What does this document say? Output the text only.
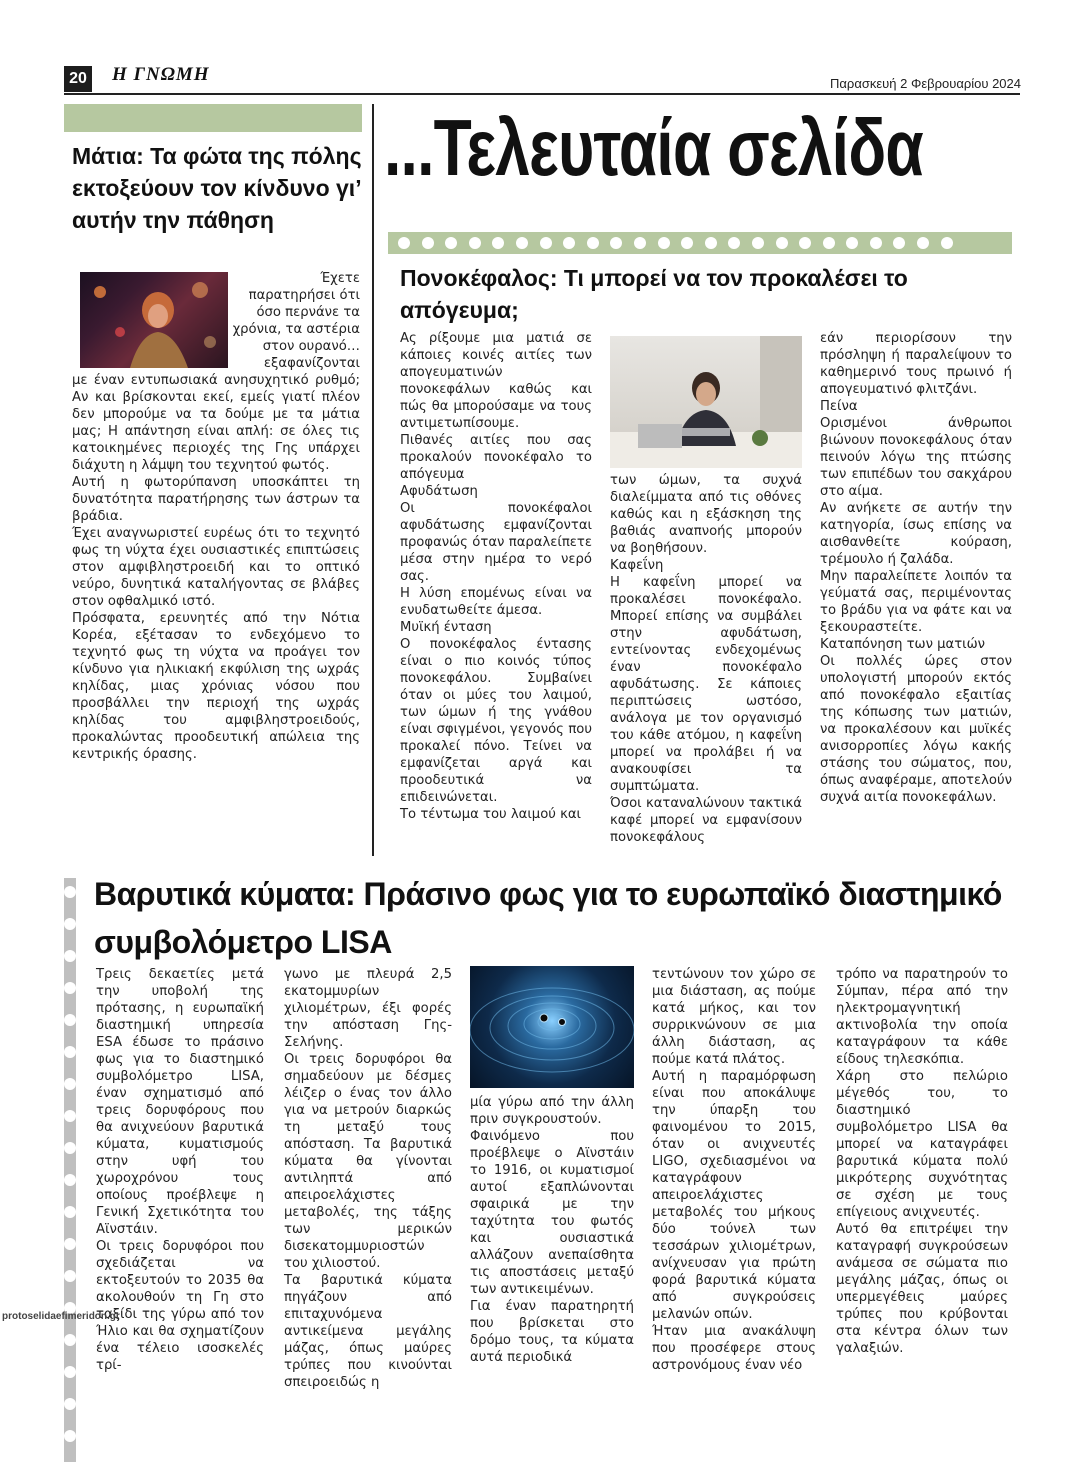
20 Η ΓΝΩΜΗ	Παρασκευή 2 Φεβρουαρίου 2024
...Τελευταία σελίδα
Μάτια: Τα φώτα της πόλης εκτοξεύουν τον κίνδυνο γι’ αυτήν την πάθηση
Έχετε παρατηρήσει ότι όσο περνάνε τα χρόνια, τα αστέρια στον ουρανό… εξαφανίζονται

με έναν εντυπωσιακά ανησυχητικό ρυθμό; Αν και βρίσκονται εκεί, εμείς γιατί πλέον δεν μπορούμε να τα δούμε με τα μάτια μας; Η απάντηση είναι απλή: σε όλες τις κατοικημένες περιοχές της Γης υπάρχει διάχυτη η λάμψη του τεχνητού φωτός.

Αυτή η φωτορύπανση υποσκάπτει τη δυνατότητα παρατήρησης των άστρων τα βράδια.

Έχει αναγνωριστεί ευρέως ότι το τεχνητό φως τη νύχτα έχει ουσιαστικές επιπτώσεις στον αμφιβληστροειδή και το οπτικό νεύρο, δυνητικά καταλήγοντας σε βλάβες στον οφθαλμικό ιστό.

Πρόσφατα, ερευνητές από την Νότια Κορέα, εξέτασαν το ενδεχόμενο το τεχνητό φως τη νύχτα να προάγει τον κίνδυνο για ηλικιακή εκφύλιση της ωχράς κηλίδας, μιας χρόνιας νόσου που προσβάλλει την περιοχή της ωχράς κηλίδας του αμφιβληστροειδούς, προκαλώντας προοδευτική απώλεια της κεντρικής όρασης.

Πονοκέφαλος: Τι μπορεί να τον προκαλέσει το απόγευμα;

Ας ρίξουμε μια ματιά σε κάποιες κοινές αιτίες των απογευματινών πονοκεφάλων καθώς και πώς θα μπορούσαμε να τους αντιμετωπίσουμε.

Πιθανές αιτίες που σας προκαλούν πονοκέφαλο το απόγευμα

Αφυδάτωση

Οι πονοκέφαλοι αφυδάτωσης εμφανίζονται προφανώς όταν παραλείπετε μέσα στην ημέρα το νερό σας.

Η λύση επομένως είναι να ενυδατωθείτε άμεσα.

Μυϊκή ένταση

Ο πονοκέφαλος έντασης είναι ο πιο κοινός τύπος πονοκεφάλου. Συμβαίνει όταν οι μύες του λαιμού, των ώμων ή της γνάθου είναι σφιγμένοι, γεγονός που προκαλεί πόνο. Τείνει να εμφανίζεται αργά και προοδευτικά να επιδεινώνεται.

Το τέντωμα του λαιμού και

των ώμων, τα συχνά διαλείμματα από τις οθόνες καθώς και η εξάσκηση της βαθιάς αναπνοής μπορούν να βοηθήσουν.

Καφεΐνη

Η καφεΐνη μπορεί να προκαλέσει πονοκέφαλο. Μπορεί επίσης να συμβάλει στην αφυδάτωση, εντείνοντας ενδεχομένως έναν πονοκέφαλο αφυδάτωσης. Σε κάποιες περιπτώσεις ωστόσο, ανάλογα με τον οργανισμό του κάθε ατόμου, η καφεΐνη μπορεί να προλάβει ή να ανακουφίσει τα συμπτώματα.

Όσοι καταναλώνουν τακτικά καφέ μπορεί να εμφανίσουν πονοκεφάλους

εάν περιορίσουν την πρόσληψη ή παραλείψουν το καθημερινό τους πρωινό ή απογευματινό φλιτζάνι.

Πείνα

Ορισμένοι άνθρωποι βιώνουν πονοκεφάλους όταν πεινούν λόγω της πτώσης των επιπέδων του σακχάρου στο αίμα.

Αν ανήκετε σε αυτήν την κατηγορία, ίσως επίσης να αισθανθείτε κούραση, τρέμουλο ή ζαλάδα.

Μην παραλείπετε λοιπόν τα γεύματά σας, περιμένοντας το βράδυ για να φάτε και να ξεκουραστείτε.

Καταπόνηση των ματιών

Οι πολλές ώρες στον υπολογιστή μπορούν εκτός από πονοκέφαλο εξαιτίας της κόπωσης των ματιών, να προκαλέσουν και μυϊκές ανισορροπίες λόγω κακής στάσης του σώματος, που, όπως αναφέραμε, αποτελούν συχνά αιτία πονοκεφάλων.

Βαρυτικά κύματα: Πράσινο φως για το ευρωπαϊκό διαστημικό συμβολόμετρο LISA

Τρεις δεκαετίες μετά την υποβολή της πρότασης, η ευρωπαϊκή διαστημική υπηρεσία ESA έδωσε το πράσινο φως για το διαστημικό συμβολόμετρο LISA, έναν σχηματισμό από τρεις δορυφόρους που θα ανιχνεύουν βαρυτικά κύματα, κυματισμούς στην υφή του χωροχρόνου τους οποίους προέβλεψε η Γενική Σχετικότητα του Αϊνστάιν.

Οι τρεις δορυφόροι που σχεδιάζεται να εκτοξευτούν το 2035 θα ακολουθούν τη Γη στο ταξίδι της γύρω από τον Ήλιο και θα σχηματίζουν ένα τέλειο ισοσκελές τρί-

γωνο με πλευρά 2,5 εκατομμυρίων χιλιομέτρων, έξι φορές την απόσταση Γης-Σελήνης.

Οι τρεις δορυφόροι θα σημαδεύουν με δέσμες λέιζερ ο ένας τον άλλο για να μετρούν διαρκώς τη μεταξύ τους απόσταση. Τα βαρυτικά κύματα θα γίνονται αντιληπτά από απειροελάχιστες μεταβολές, της τάξης των μερικών δισεκατομμυριοστών του χιλιοστού.

Τα βαρυτικά κύματα πηγάζουν από επιταχυνόμενα αντικείμενα μεγάλης μάζας, όπως μαύρες τρύπες που κινούνται σπειροειδώς η

μία γύρω από την άλλη πριν συγκρουστούν.

Φαινόμενο που προέβλεψε ο Αϊνστάιν το 1916, οι κυματισμοί αυτοί εξαπλώνονται σφαιρικά με την ταχύτητα του φωτός και ουσιαστικά αλλάζουν ανεπαίσθητα τις αποστάσεις μεταξύ των αντικειμένων.

Για έναν παρατηρητή που βρίσκεται στο δρόμο τους, τα κύματα αυτά περιοδικά

τεντώνουν τον χώρο σε μια διάσταση, ας πούμε κατά μήκος, και τον συρρικνώνουν σε μια άλλη διάσταση, ας πούμε κατά πλάτος.

Αυτή η παραμόρφωση είναι που αποκάλυψε την ύπαρξη του φαινομένου το 2015, όταν οι ανιχνευτές LIGO, σχεδιασμένοι να καταγράφουν απειροελάχιστες μεταβολές του μήκους δύο τούνελ των τεσσάρων χιλιομέτρων, ανίχνευσαν για πρώτη φορά βαρυτικά κύματα από συγκρούσεις μελανών οπών.

Ήταν μια ανακάλυψη που προσέφερε στους αστρονόμους έναν νέο

τρόπο να παρατηρούν το Σύμπαν, πέρα από την ηλεκτρομαγνητική ακτινοβολία την οποία καταγράφουν τα κάθε είδους τηλεσκόπια.

Χάρη στο πελώριο μέγεθός του, το διαστημικό συμβολόμετρο LISA θα μπορεί να καταγράφει βαρυτικά κύματα πολύ μικρότερης συχνότητας σε σχέση με τους επίγειους ανιχνευτές.

Αυτό θα επιτρέψει την καταγραφή συγκρούσεων ανάμεσα σε σώματα πιο μεγάλης μάζας, όπως οι υπερμεγέθεις μαύρες τρύπες που κρύβονται στα κέντρα όλων των γαλαξιών.

protoselidaefimeridon.gr
